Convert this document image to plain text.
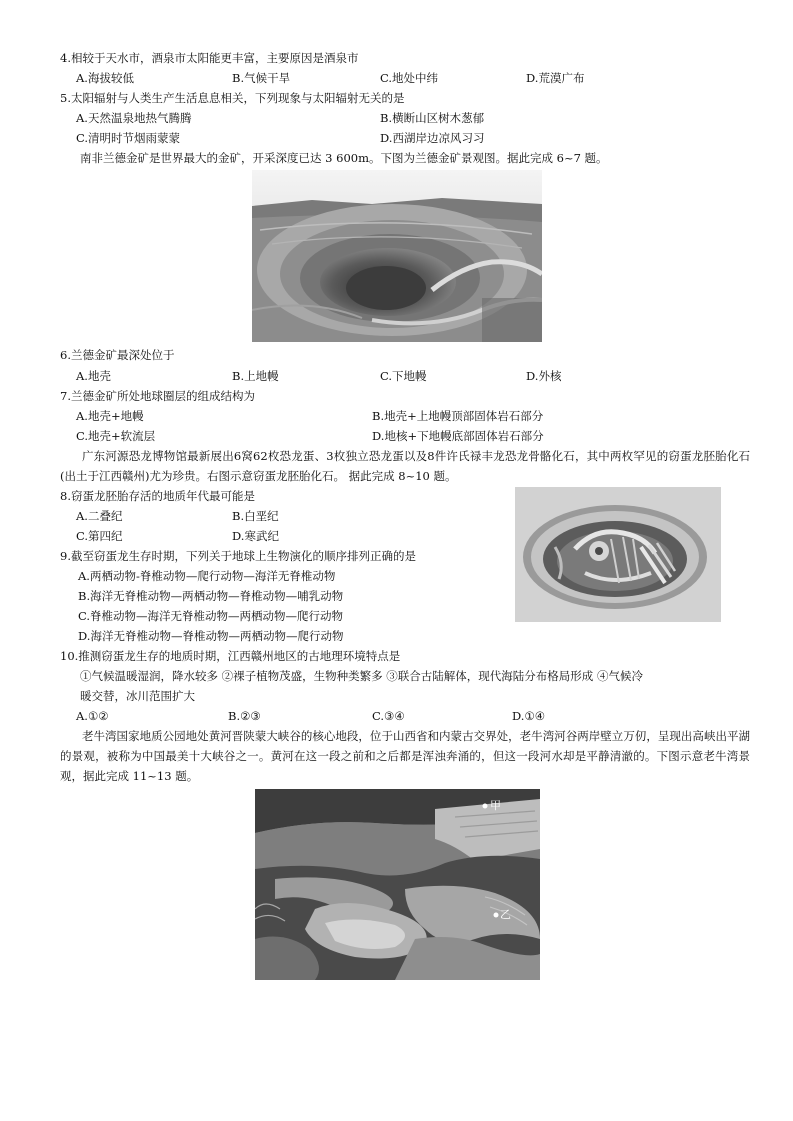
4.相较于天水市，酒泉市太阳能更丰富，主要原因是酒泉市
A.海拔较低	B.气候干旱	C.地处中纬	D.荒漠广布
5.太阳辐射与人类生产生活息息相关，下列现象与太阳辐射无关的是
A.天然温泉地热气腾腾	B.横断山区树木葱郁
C.清明时节烟雨蒙蒙	D.西湖岸边凉风习习
南非兰德金矿是世界最大的金矿，开采深度已达 3 600m。下图为兰德金矿景观图。据此完成 6~7 题。
6.兰德金矿最深处位于
A.地壳	B.上地幔	C.下地幔	D.外核
7.兰德金矿所处地球圈层的组成结构为
A.地壳+地幔	B.地壳+上地幔顶部固体岩石部分
C.地壳+软流层	D.地核+下地幔底部固体岩石部分
广东河源恐龙博物馆最新展出6窝62枚恐龙蛋、3枚独立恐龙蛋以及8件许氏禄丰龙恐龙骨骼化石，其中两枚罕见的窃蛋龙胚胎化石(出土于江西赣州)尤为珍贵。右图示意窃蛋龙胚胎化石。 据此完成 8~10 题。
8.窃蛋龙胚胎存活的地质年代最可能是
A.二叠纪	B.白垩纪
C.第四纪	D.寒武纪
9.截至窃蛋龙生存时期，下列关于地球上生物演化的顺序排列正确的是
A.两栖动物-脊椎动物—爬行动物—海洋无脊椎动物
B.海洋无脊椎动物—两栖动物—脊椎动物—哺乳动物
C.脊椎动物—海洋无脊椎动物—两栖动物—爬行动物
D.海洋无脊椎动物—脊椎动物—两栖动物—爬行动物
10.推测窃蛋龙生存的地质时期，江西赣州地区的古地理环境特点是
①气候温暖湿润，降水较多 ②裸子植物茂盛，生物种类繁多 ③联合古陆解体，现代海陆分布格局形成 ④气候冷
暖交替，冰川范围扩大
A.①②	B.②③	C.③④	D.①④
老牛湾国家地质公园地处黄河晋陕蒙大峡谷的核心地段，位于山西省和内蒙古交界处，老牛湾河谷两岸壁立万仞，呈现出高峡出平湖的景观，被称为中国最美十大峡谷之一。黄河在这一段之前和之后都是浑浊奔涌的，但这一段河水却是平静清澈的。下图示意老牛湾景观，据此完成 11~13 题。
甲
乙
